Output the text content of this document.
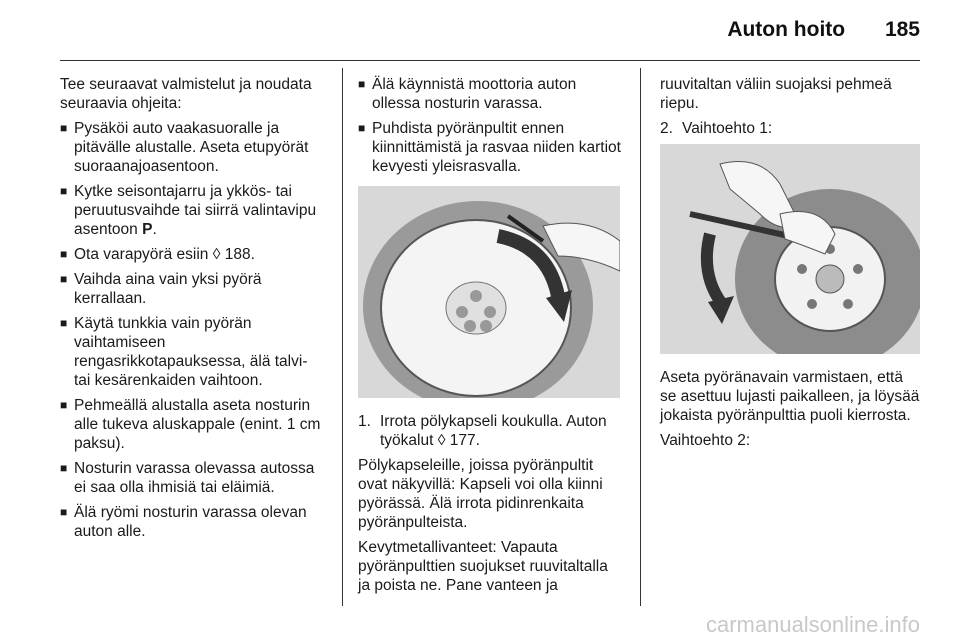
Auton hoito 185

Tee seuraavat valmistelut ja noudata seuraavia ohjeita:

■ Pysäköi auto vaakasuoralle ja pitävälle alustalle. Aseta etupyörät suoraanajoasentoon.
■ Kytke seisontajarru ja ykkös- tai peruutusvaihde tai siirrä valintavipu asentoon P.
■ Ota varapyörä esiin ◊ 188.
■ Vaihda aina vain yksi pyörä kerrallaan.
■ Käytä tunkkia vain pyörän vaihtamiseen rengasrikkotapauksessa, älä talvi- tai kesärenkaiden vaihtoon.
■ Pehmeällä alustalla aseta nosturin alle tukeva aluskappale (enint. 1 cm paksu).
■ Nosturin varassa olevassa autossa ei saa olla ihmisiä tai eläimiä.
■ Älä ryömi nosturin varassa olevan auton alle.
■ Älä käynnistä moottoria auton ollessa nosturin varassa.
■ Puhdista pyöränpultit ennen kiinnittämistä ja rasvaa niiden kartiot kevyesti yleisrasvalla.
1. Irrota pölykapseli koukulla. Auton työkalut ◊ 177.

Pölykapseleille, joissa pyöränpultit ovat näkyvillä: Kapseli voi olla kiinni pyörässä. Älä irrota pidinrenkaita pyöränpulteista.

Kevytmetallivanteet: Vapauta pyöränpulttien suojukset ruuvitaltalla ja poista ne. Pane vanteen ja

ruuvitaltan väliin suojaksi pehmeä riepu.

2. Vaihtoehto 1:

Aseta pyöränavain varmistaen, että se asettuu lujasti paikalleen, ja löysää jokaista pyöränpulttia puoli kierrosta.

Vaihtoehto 2:

carmanualsonline.info
